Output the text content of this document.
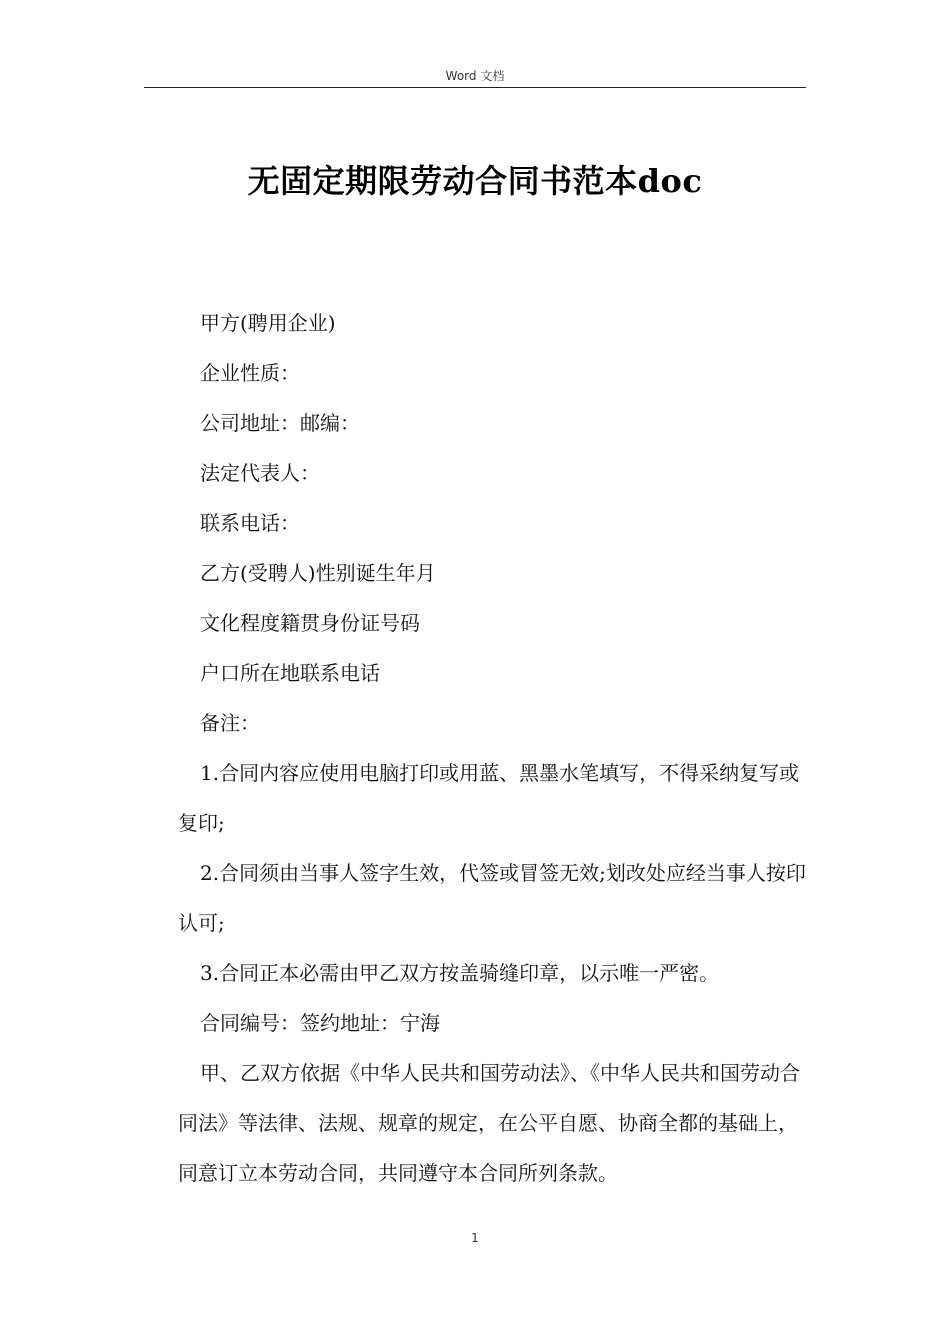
Word 文档
无固定期限劳动合同书范本doc

甲方(聘用企业)

企业性质：

公司地址：邮编：

法定代表人：

联系电话：

乙方(受聘人)性别诞生年月

文化程度籍贯身份证号码

户口所在地联系电话

备注：

1.合同内容应使用电脑打印或用蓝、黑墨水笔填写，不得采纳复写或复印;

2.合同须由当事人签字生效，代签或冒签无效;划改处应经当事人按印认可;

3.合同正本必需由甲乙双方按盖骑缝印章，以示唯一严密。

合同编号：签约地址：宁海

甲、乙双方依据《中华人民共和国劳动法》、《中华人民共和国劳动合同法》等法律、法规、规章的规定，在公平自愿、协商全都的基础上，同意订立本劳动合同，共同遵守本合同所列条款。

1
